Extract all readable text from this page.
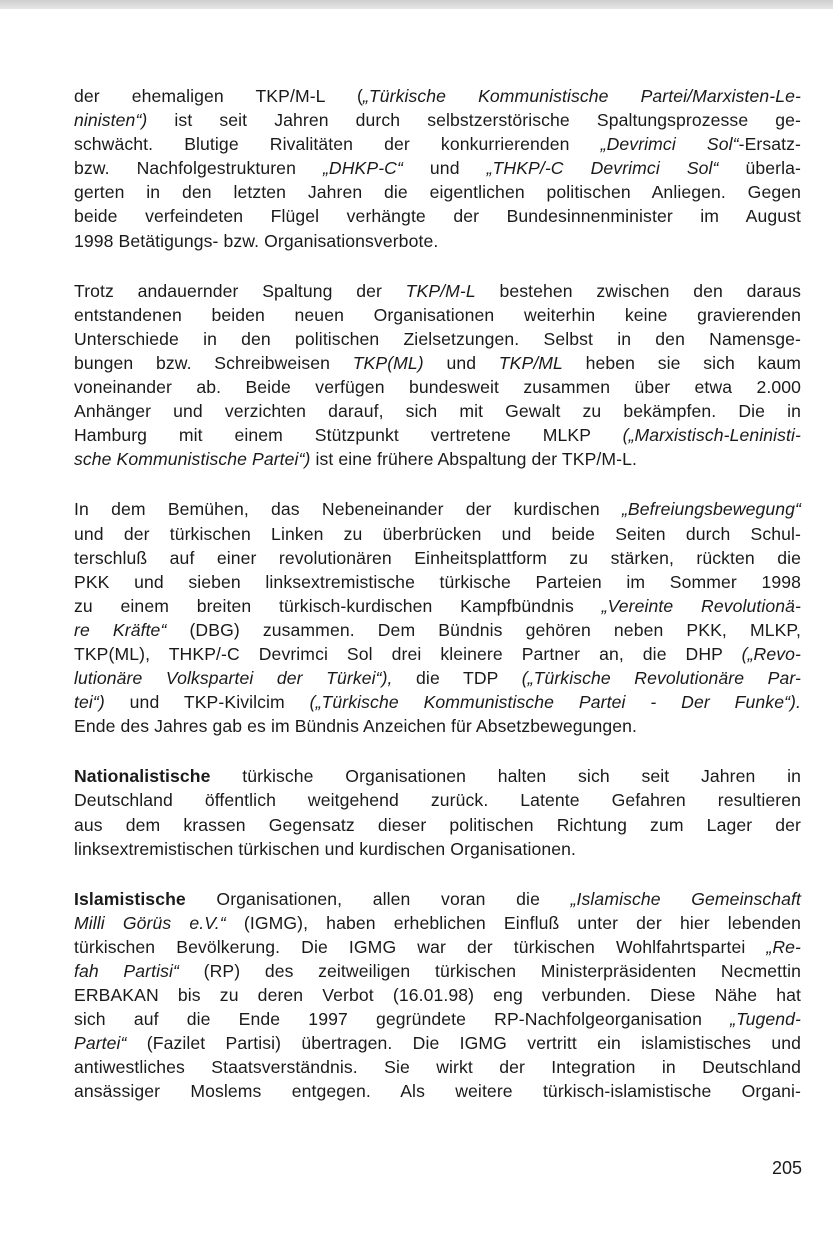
der ehemaligen TKP/M-L („Türkische Kommunistische Partei/Marxisten-Le-
ninisten“) ist seit Jahren durch selbstzerstörische Spaltungsprozesse ge-
schwächt. Blutige Rivalitäten der konkurrierenden „Devrimci Sol“-Ersatz-
bzw. Nachfolgestrukturen „DHKP-C“ und „THKP/-C Devrimci Sol“ überla-
gerten in den letzten Jahren die eigentlichen politischen Anliegen. Gegen
beide verfeindeten Flügel verhängte der Bundesinnenminister im August
1998 Betätigungs- bzw. Organisationsverbote.
Trotz andauernder Spaltung der TKP/M-L bestehen zwischen den daraus
entstandenen beiden neuen Organisationen weiterhin keine gravierenden
Unterschiede in den politischen Zielsetzungen. Selbst in den Namensge-
bungen bzw. Schreibweisen TKP(ML) und TKP/ML heben sie sich kaum
voneinander ab. Beide verfügen bundesweit zusammen über etwa 2.000
Anhänger und verzichten darauf, sich mit Gewalt zu bekämpfen. Die in
Hamburg mit einem Stützpunkt vertretene MLKP („Marxistisch-Leninisti-
sche Kommunistische Partei“) ist eine frühere Abspaltung der TKP/M-L.
In dem Bemühen, das Nebeneinander der kurdischen „Befreiungsbewegung“
und der türkischen Linken zu überbrücken und beide Seiten durch Schul-
terschluß auf einer revolutionären Einheitsplattform zu stärken, rückten die
PKK und sieben linksextremistische türkische Parteien im Sommer 1998
zu einem breiten türkisch-kurdischen Kampfbündnis „Vereinte Revolutionä-
re Kräfte“ (DBG) zusammen. Dem Bündnis gehören neben PKK, MLKP,
TKP(ML), THKP/-C Devrimci Sol drei kleinere Partner an, die DHP („Revo-
lutionäre Volkspartei der Türkei“), die TDP („Türkische Revolutionäre Par-
tei“) und TKP-Kivilcim („Türkische Kommunistische Partei - Der Funke“).
Ende des Jahres gab es im Bündnis Anzeichen für Absetzbewegungen.
Nationalistische türkische Organisationen halten sich seit Jahren in
Deutschland öffentlich weitgehend zurück. Latente Gefahren resultieren
aus dem krassen Gegensatz dieser politischen Richtung zum Lager der
linksextremistischen türkischen und kurdischen Organisationen.
Islamistische Organisationen, allen voran die „Islamische Gemeinschaft
Milli Görüs e.V.“ (IGMG), haben erheblichen Einfluß unter der hier lebenden
türkischen Bevölkerung. Die IGMG war der türkischen Wohlfahrtspartei „Re-
fah Partisi“ (RP) des zeitweiligen türkischen Ministerpräsidenten Necmettin
ERBAKAN bis zu deren Verbot (16.01.98) eng verbunden. Diese Nähe hat
sich auf die Ende 1997 gegründete RP-Nachfolgeorganisation „Tugend-
Partei“ (Fazilet Partisi) übertragen. Die IGMG vertritt ein islamistisches und
antiwestliches Staatsverständnis. Sie wirkt der Integration in Deutschland
ansässiger Moslems entgegen. Als weitere türkisch-islamistische Organi-
205
